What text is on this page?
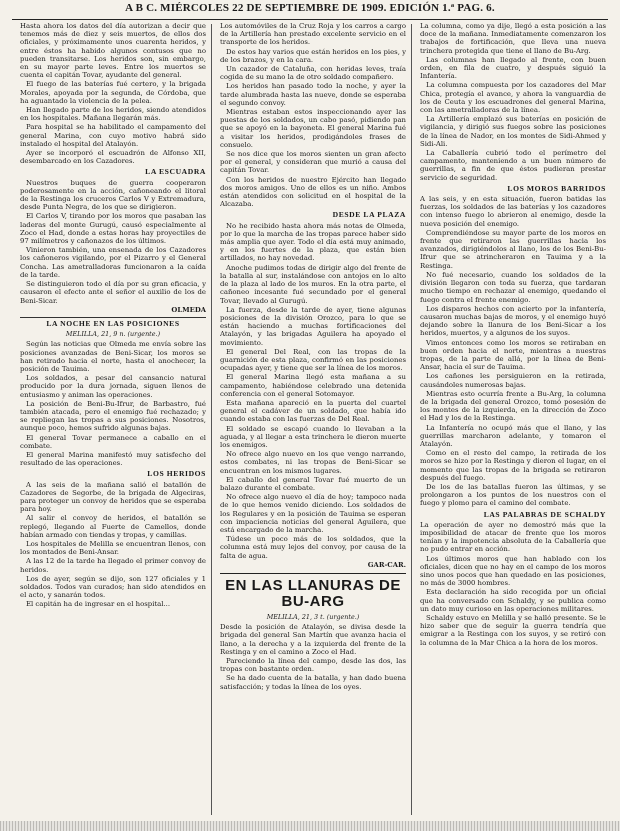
A B C. MIÉRCOLES 22 DE SEPTIEMBRE DE 1909. EDICIÓN 1.ª PAG. 6.

Hasta ahora los datos del día autorizan a decir que tenemos más de diez y seis muertos, de ellos dos oficiales, y próximamente unos cuarenta heridos, y entre éstos ha habido algunos contusos que no pueden transitarse. Los heridos son, sin embargo, en su mayor parte leves. Entre los muertos se cuenta el capitán Tovar, ayudante del general.

El fuego de las baterías fué certero, y la brigada Morales, apoyada por la segunda, de Córdoba, que ha aguantado la violencia de la pelea.

Han llegado parte de los heridos, siendo atendidos en los hospitales. Mañana llegarán más.

Para hospital se ha habilitado el campamento del general Marina, con cuyo motivo habrá sido instalado el hospital del Atalayón.

Ayer se incorporó el escuadrón de Alfonso XII, desembarcado en los Cazadores.

LA ESCUADRA

Nuestros buques de guerra cooperaron poderosamente en la acción, cañoneando el litoral de la Restinga los cruceros Carlos V y Extremadura, desde Punta Negra, de los que se dirigieron.

El Carlos V, tirando por los moros que pasaban las laderas del monte Gurugú, causó especialmente al Zoco el Had, donde a estas horas hay proyectiles de 97 milímetros y cañonazos de los últimos.

Vinieron también, una ensenada de los Cazadores los cañoneros vigilando, por el Pizarro y el General Concha. Las ametralladoras funcionaron a la caída de la tarde.

Se distinguieron todo el día por su gran eficacia, y causaron el efecto ante el señor el auxilio de los de Beni-Sicar.

OLMEDA
LA NOCHE EN LAS POSICIONES
MELILLA, 21, 9 n. (urgente.)

Según las noticias que Olmeda me envía sobre las posiciones avanzadas de Beni-Sicar, los moros se han retirado hacia el norte, hasta el anochecer, la posición de Tauima.

Los soldados, a pesar del cansancio natural producido por la dura jornada, siguen llenos de entusiasmo y animan las operaciones.

La posición de Beni-Bu-Ifrur, de Barbastro, fué también atacada, pero el enemigo fué rechazado; y se repliegan las tropas a sus posiciones. Nosotros, aunque poco, hemos sufrido algunas bajas.

El general Tovar permanece a caballo en el combate.

El general Marina manifestó muy satisfecho del resultado de las operaciones.

LOS HERIDOS

A las seis de la mañana salió el batallón de Cazadores de Segorbe, de la brigada de Algeciras, para proteger un convoy de heridos que se esperaba para hoy.

Al salir el convoy de heridos, el batallón se replegó, llegando al Fuerte de Camellos, donde habían armado con tiendas y tropas, y camillas.

Los hospitales de Melilla se encuentran llenos, con los montados de Beni-Ansar.

A las 12 de la tarde ha llegado el primer convoy de heridos.

Los de ayer, según se dijo, son 127 oficiales y 1 soldados. Todos van curados; han sido atendidos en el acto, y sanarán todos.

El capitán ha de ingresar en el hospital...

Los automóviles de la Cruz Roja y los carros a cargo de la Artillería han prestado excelente servicio en el transporte de los heridos.

De estos hay varios que están heridos en los pies, y de los brazos, y en la cara.

Un cazador de Cataluña, con heridas leves, traía cogida de su mano la de otro soldado compañero.

Los heridos han pasado todo la noche, y ayer la tarde alumbrada hasta las nueve, donde se esperaba el segundo convoy.

Mientras estaban estos inspeccionando ayer las puestas de los soldados, un cabo pasó, pidiendo pan que se apoyó en la bayoneta. El general Marina fué a visitar los heridos, prodigándoles frases de consuelo.

Se nos dice que los moros sienten un gran afecto por el general, y consideran que murió a causa del capitán Tovar.

Con los heridos de nuestro Ejército han llegado dos moros amigos. Uno de ellos es un niño. Ambos están atendidos con solicitud en el hospital de la Alcazaba.

DESDE LA PLAZA

No he recibido hasta ahora más notas de Olmeda, por lo que la marcha de las tropas parece haber sido más amplia que ayer. Todo el día está muy animado, y en los fuertes de la plaza, que están bien artillados, no hay novedad.

Anoche pudimos todas de dirigir algo del frente de la batalla al sur, instalándose con antojos en lo alto de la plaza al lado de los muros. En la otra parte, el cañoneo incesante fué secundado por el general Tovar, llevado al Gurugú.

La fuerza, desde la tarde de ayer, tiene algunas posiciones de la división Orozco, para lo que se están haciendo a muchas fortificaciones del Atalayón, y las brigadas Aguilera ha apoyado el movimiento.

El general Del Real, con las tropas de la guarnición de esta plaza, confirmó en las posiciones ocupadas ayer, y tiene que ser la línea de los moros.

El general Marina llegó esta mañana a su campamento, habiéndose celebrado una detenida conferencia con el general Sotomayor.

Esta mañana apareció en la puerta del cuartel general el cadáver de un soldado, que había ido cuando estaba con las fuerzas de Del Real.

El soldado se escapó cuando lo llevaban a la aguada, y al llegar a esta trinchera le dieron muerte los enemigos.

No ofrece algo nuevo en los que vengo narrando, estos combates, ni las tropas de Beni-Sicar se encuentran en los mismos lugares.

El caballo del general Tovar fué muerto de un balazo durante el combate.

No ofrece algo nuevo el día de hoy; tampoco nada de lo que hemos venido diciendo. Los soldados de los Regulares y en la posición de Tauima se esperan con impaciencia noticias del general Aguilera, que está encargado de la marcha.

Túdese un poco más de los soldados, que la columna está muy lejos del convoy, por causa de la falta de agua.

GAR-CAR.
EN LAS LLANURAS DE BU-ARG
MELILLA, 21, 3 t. (urgente.)

Desde la posición de Atalayón, se divisa desde la brigada del general San Martín que avanza hacia el llano, a la derecha y a la izquierda del frente de la Restinga y en el camino a Zoco el Had.

Pareciendo la línea del campo, desde las dos, las tropas con bastante orden.

Se ha dado cuenta de la batalla, y han dado buena satisfacción; y todas la línea de los oyes.

La columna, como ya dije, llegó a esta posición a las doce de la mañana. Inmediatamente comenzaron los trabajos de fortificación, que lleva una nueva trinchera protegida que tiene el llano de Bu-Arg.

Las columnas han llegado al frente, con buen orden, en fila de cuatro, y después siguió la Infantería.

La columna compuesta por los cazadores del Mar Chica, protegía el avance, y ahora la vanguardia de los de Ceuta y los escuadrones del general Marina, con las ametralladoras de la línea.

La Artillería emplazó sus baterías en posición de vigilancia, y dirigió sus fuegos sobre las posiciones de la línea de Nador, en los montes de Sidi-Ahmed y Sidi-Ali.

La Caballería cubrió todo el perímetro del campamento, manteniendo a un buen número de guerrillas, a fin de que éstos pudieran prestar servicio de seguridad.

LOS MOROS BARRIDOS

A las seis, y en esta situación, fueron batidas las fuerzas, los soldados de las baterías y los cazadores con intenso fuego lo abrieron al enemigo, desde la nueva posición del enemigo.

Comprendiéndose su mayor parte de los moros en frente que retiraron las guerrillas hacia los avanzados, dirigiéndolos al llano, los de los Beni-Bu-Ifrur que se atrincheraron en Tauima y a la Restinga.

No fué necesario, cuando los soldados de la división llegaron con toda su fuerza, que tardaran mucho tiempo en rechazar al enemigo, quedando el fuego contra el frente enemigo.

Los disparos hechos con acierto por la infantería, causaron muchas bajas de moros, y el enemigo huyó dejando sobre la llanura de los Beni-Sicar a los heridos, muertos, y a algunos de los suyos.

Vimos entonces como los moros se retiraban en buen orden hacia el norte, mientras a nuestras tropas, de la parte de allá, por la línea de Beni-Ansar, hacia el sur de Tauima.

Los cañones les persiguieron en la retirada, causándoles numerosas bajas.

Mientras esto ocurría frente a Bu-Arg, la columna de la brigada del general Orozco, tomó posesión de los montes de la izquierda, en la dirección de Zoco el Had y los de la Restinga.

La Infantería no ocupó más que el llano, y las guerrillas marcharon adelante, y tomaron el Atalayón.

Como en el resto del campo, la retirada de los moros se hizo por la Restinga y dieron el lugar, en el momento que las tropas de la brigada se retiraron después del fuego.

De los de las batallas fueron las últimas, y se prolongaron a los puntos de los nuestros con el fuego y plomo para el camino del combate.

LAS PALABRAS DE SCHALDY

La operación de ayer no demostró más que la imposibilidad de atacar de frente que los moros tenían y la impotencia absoluta de la Caballería que no pudo entrar en acción.

Los últimos moros que han hablado con los oficiales, dicen que no hay en el campo de los moros sino unos pocos que han quedado en las posiciones, no más de 3000 hombres.

Esta declaración ha sido recogida por un oficial que ha conversado con Schaldy, y se publica como un dato muy curioso en las operaciones militares.

Schaldy estuvo en Melilla y se halló presente. Se le hizo saber que de seguir la guerra tendría que emigrar a la Restinga con los suyos, y se retiró con la columna de la Mar Chica a la hora de los moros.
